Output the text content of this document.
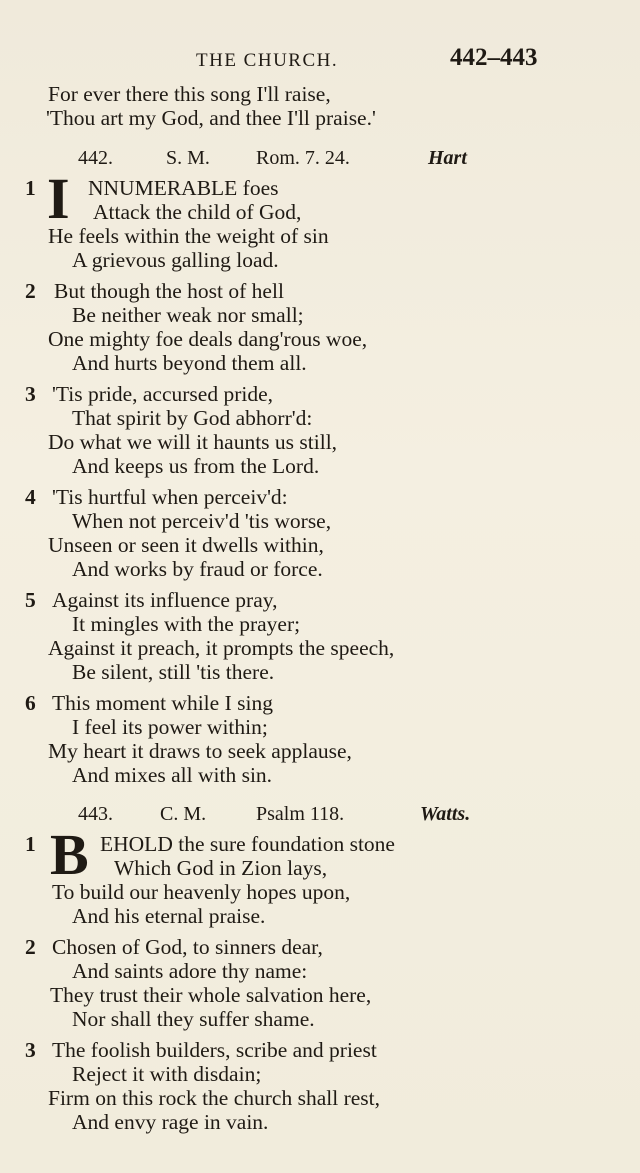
THE CHURCH.	442–443
For ever there this song I'll raise,
'Thou art my God, and thee I'll praise.'
442.	S. M. Rom. 7. 24.	Hart
1 I NNUMERABLE foes
Attack the child of God,
He feels within the weight of sin
A grievous galling load.
2 But though the host of hell
Be neither weak nor small;
One mighty foe deals dang'rous woe,
And hurts beyond them all.
3 'Tis pride, accursed pride,
That spirit by God abhorr'd:
Do what we will it haunts us still,
And keeps us from the Lord.
4 'Tis hurtful when perceiv'd:
When not perceiv'd 'tis worse,
Unseen or seen it dwells within,
And works by fraud or force.
5 Against its influence pray,
It mingles with the prayer;
Against it preach, it prompts the speech,
Be silent, still 'tis there.
6 This moment while I sing
I feel its power within;
My heart it draws to seek applause,
And mixes all with sin.
443. C. M. Psalm 118.	Watts.
1 B EHOLD the sure foundation stone
Which God in Zion lays,
To build our heavenly hopes upon,
And his eternal praise.
2 Chosen of God, to sinners dear,
And saints adore thy name:
They trust their whole salvation here,
Nor shall they suffer shame.
3 The foolish builders, scribe and priest
Reject it with disdain;
Firm on this rock the church shall rest,
And envy rage in vain.
